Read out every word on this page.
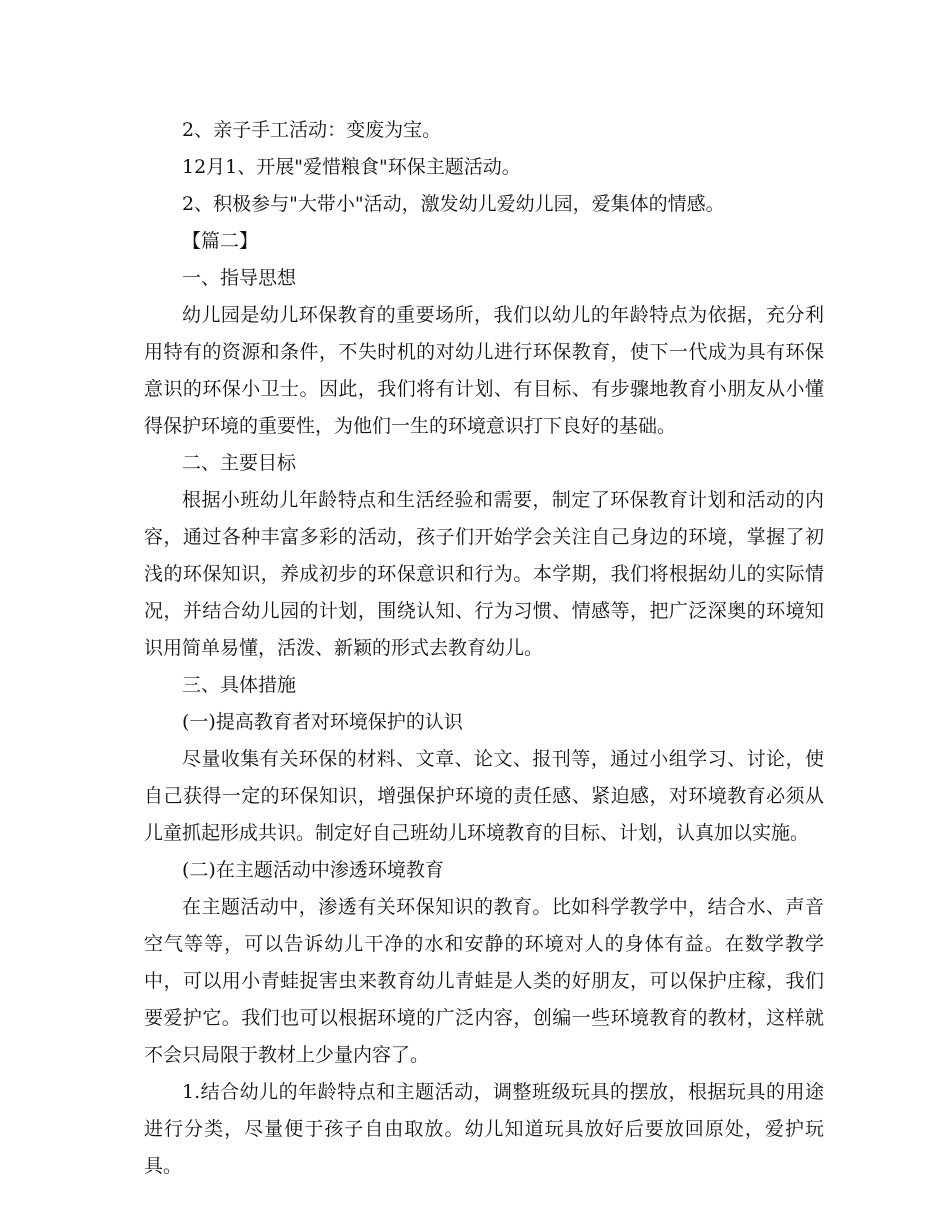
2、亲子手工活动：变废为宝。

12月1、开展"爱惜粮食"环保主题活动。

2、积极参与"大带小"活动，激发幼儿爱幼儿园，爱集体的情感。

【篇二】

一、指导思想

幼儿园是幼儿环保教育的重要场所，我们以幼儿的年龄特点为依据，充分利用特有的资源和条件，不失时机的对幼儿进行环保教育，使下一代成为具有环保意识的环保小卫士。因此，我们将有计划、有目标、有步骤地教育小朋友从小懂得保护环境的重要性，为他们一生的环境意识打下良好的基础。

二、主要目标

根据小班幼儿年龄特点和生活经验和需要，制定了环保教育计划和活动的内容，通过各种丰富多彩的活动，孩子们开始学会关注自己身边的环境，掌握了初浅的环保知识，养成初步的环保意识和行为。本学期，我们将根据幼儿的实际情况，并结合幼儿园的计划，围绕认知、行为习惯、情感等，把广泛深奥的环境知识用简单易懂，活泼、新颖的形式去教育幼儿。

三、具体措施

(一)提高教育者对环境保护的认识

尽量收集有关环保的材料、文章、论文、报刊等，通过小组学习、讨论，使自己获得一定的环保知识，增强保护环境的责任感、紧迫感，对环境教育必须从儿童抓起形成共识。制定好自己班幼儿环境教育的目标、计划，认真加以实施。

(二)在主题活动中渗透环境教育

在主题活动中，渗透有关环保知识的教育。比如科学教学中，结合水、声音空气等等，可以告诉幼儿干净的水和安静的环境对人的身体有益。在数学教学中，可以用小青蛙捉害虫来教育幼儿青蛙是人类的好朋友，可以保护庄稼，我们要爱护它。我们也可以根据环境的广泛内容，创编一些环境教育的教材，这样就不会只局限于教材上少量内容了。

1.结合幼儿的年龄特点和主题活动，调整班级玩具的摆放，根据玩具的用途进行分类，尽量便于孩子自由取放。幼儿知道玩具放好后要放回原处，爱护玩具。
